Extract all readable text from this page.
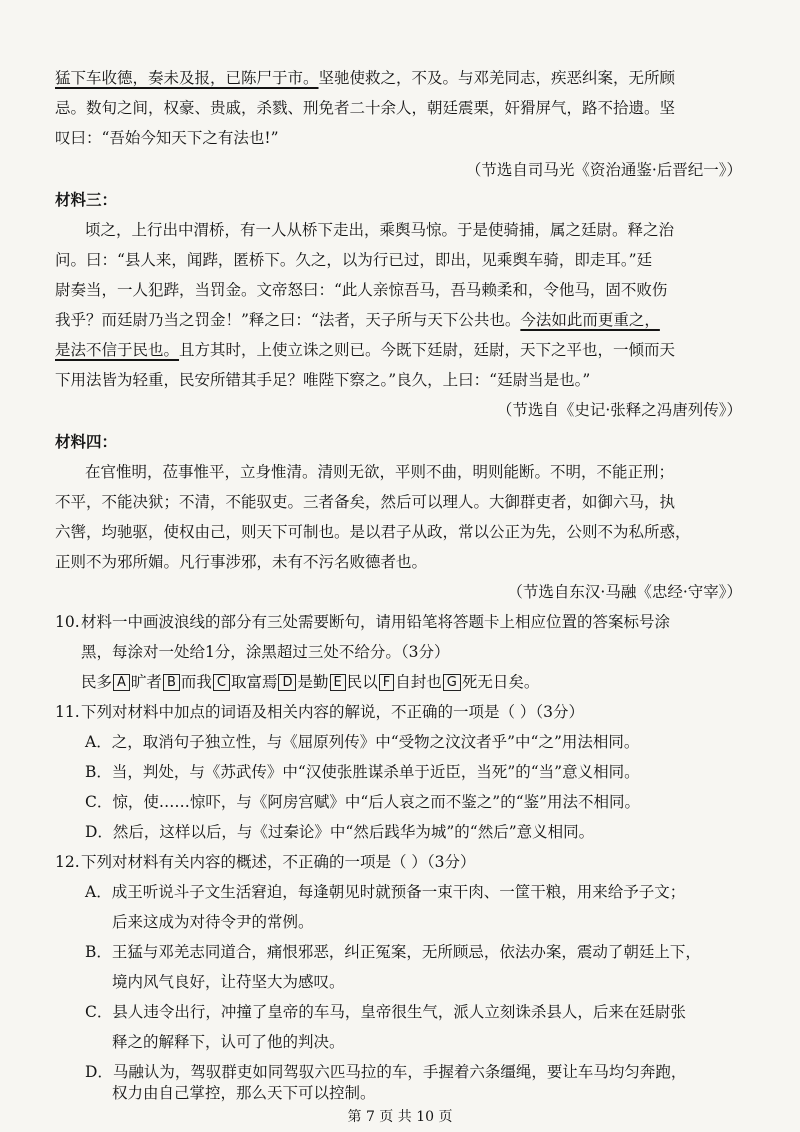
猛下车收德，奏未及报，已陈尸于市。坚驰使救之，不及。与邓羌同志，疾恶纠案，无所顾
忌。数旬之间，权豪、贵戚，杀戮、刑免者二十余人，朝廷震栗，奸猾屏气，路不拾遗。坚
叹曰：“吾始今知天下之有法也!”
（节选自司马光《资治通鉴·后晋纪一》）
材料三：
顷之，上行出中渭桥，有一人从桥下走出，乘舆马惊。于是使骑捕，属之廷尉。释之治
问。曰：“县人来，闻跸，匿桥下。久之，以为行已过，即出，见乘舆车骑，即走耳。”廷
尉奏当，一人犯跸，当罚金。文帝怒曰：“此人亲惊吾马，吾马赖柔和，令他马，固不败伤
我乎？而廷尉乃当之罚金！”释之曰：“法者，天子所与天下公共也。今法如此而更重之，
是法不信于民也。且方其时，上使立诛之则已。今既下廷尉，廷尉，天下之平也，一倾而天
下用法皆为轻重，民安所错其手足？唯陛下察之。”良久，上曰：“廷尉当是也。”
（节选自《史记·张释之冯唐列传》）
材料四：
在官惟明，莅事惟平，立身惟清。清则无欲，平则不曲，明则能断。不明，不能正刑；
不平，不能决狱；不清，不能驭吏。三者备矣，然后可以理人。大御群吏者，如御六马，执
六辔，均驰驱，使权由己，则天下可制也。是以君子从政，常以公正为先，公则不为私所惑，
正则不为邪所媚。凡行事涉邪，未有不污名败德者也。
（节选自东汉·马融《忠经·守宰》）
10.材料一中画波浪线的部分有三处需要断句，请用铅笔将答题卡上相应位置的答案标号涂
黑，每涂对一处给1分，涂黑超过三处不给分。（3分）
民多 A 旷者 B 而我 C 取富焉 D 是勤 E 民以 F 自封也 G 死无日矣。
11.下列对材料中加点的词语及相关内容的解说，不正确的一项是（ ）（3分）
A．之，取消句子独立性，与《屈原列传》中“受物之汶汶者乎”中“之”用法相同。
B．当，判处，与《苏武传》中“汉使张胜谋杀单于近臣，当死”的“当”意义相同。
C．惊，使……惊吓，与《阿房宫赋》中“后人哀之而不鉴之”的“鉴”用法不相同。
D．然后，这样以后，与《过秦论》中“然后践华为城”的“然后”意义相同。
12.下列对材料有关内容的概述，不正确的一项是（ ）（3分）
A．成王听说斗子文生活窘迫，每逢朝见时就预备一束干肉、一筐干粮，用来给予子文；
后来这成为对待令尹的常例。
B．王猛与邓羌志同道合，痛恨邪恶，纠正冤案，无所顾忌，依法办案，震动了朝廷上下，
境内风气良好，让苻坚大为感叹。
C．县人违令出行，冲撞了皇帝的车马，皇帝很生气，派人立刻诛杀县人，后来在廷尉张
释之的解释下，认可了他的判决。
D．马融认为，驾驭群吏如同驾驭六匹马拉的车，手握着六条缰绳，要让车马均匀奔跑，
权力由自己掌控，那么天下可以控制。
第 7 页 共 10 页
